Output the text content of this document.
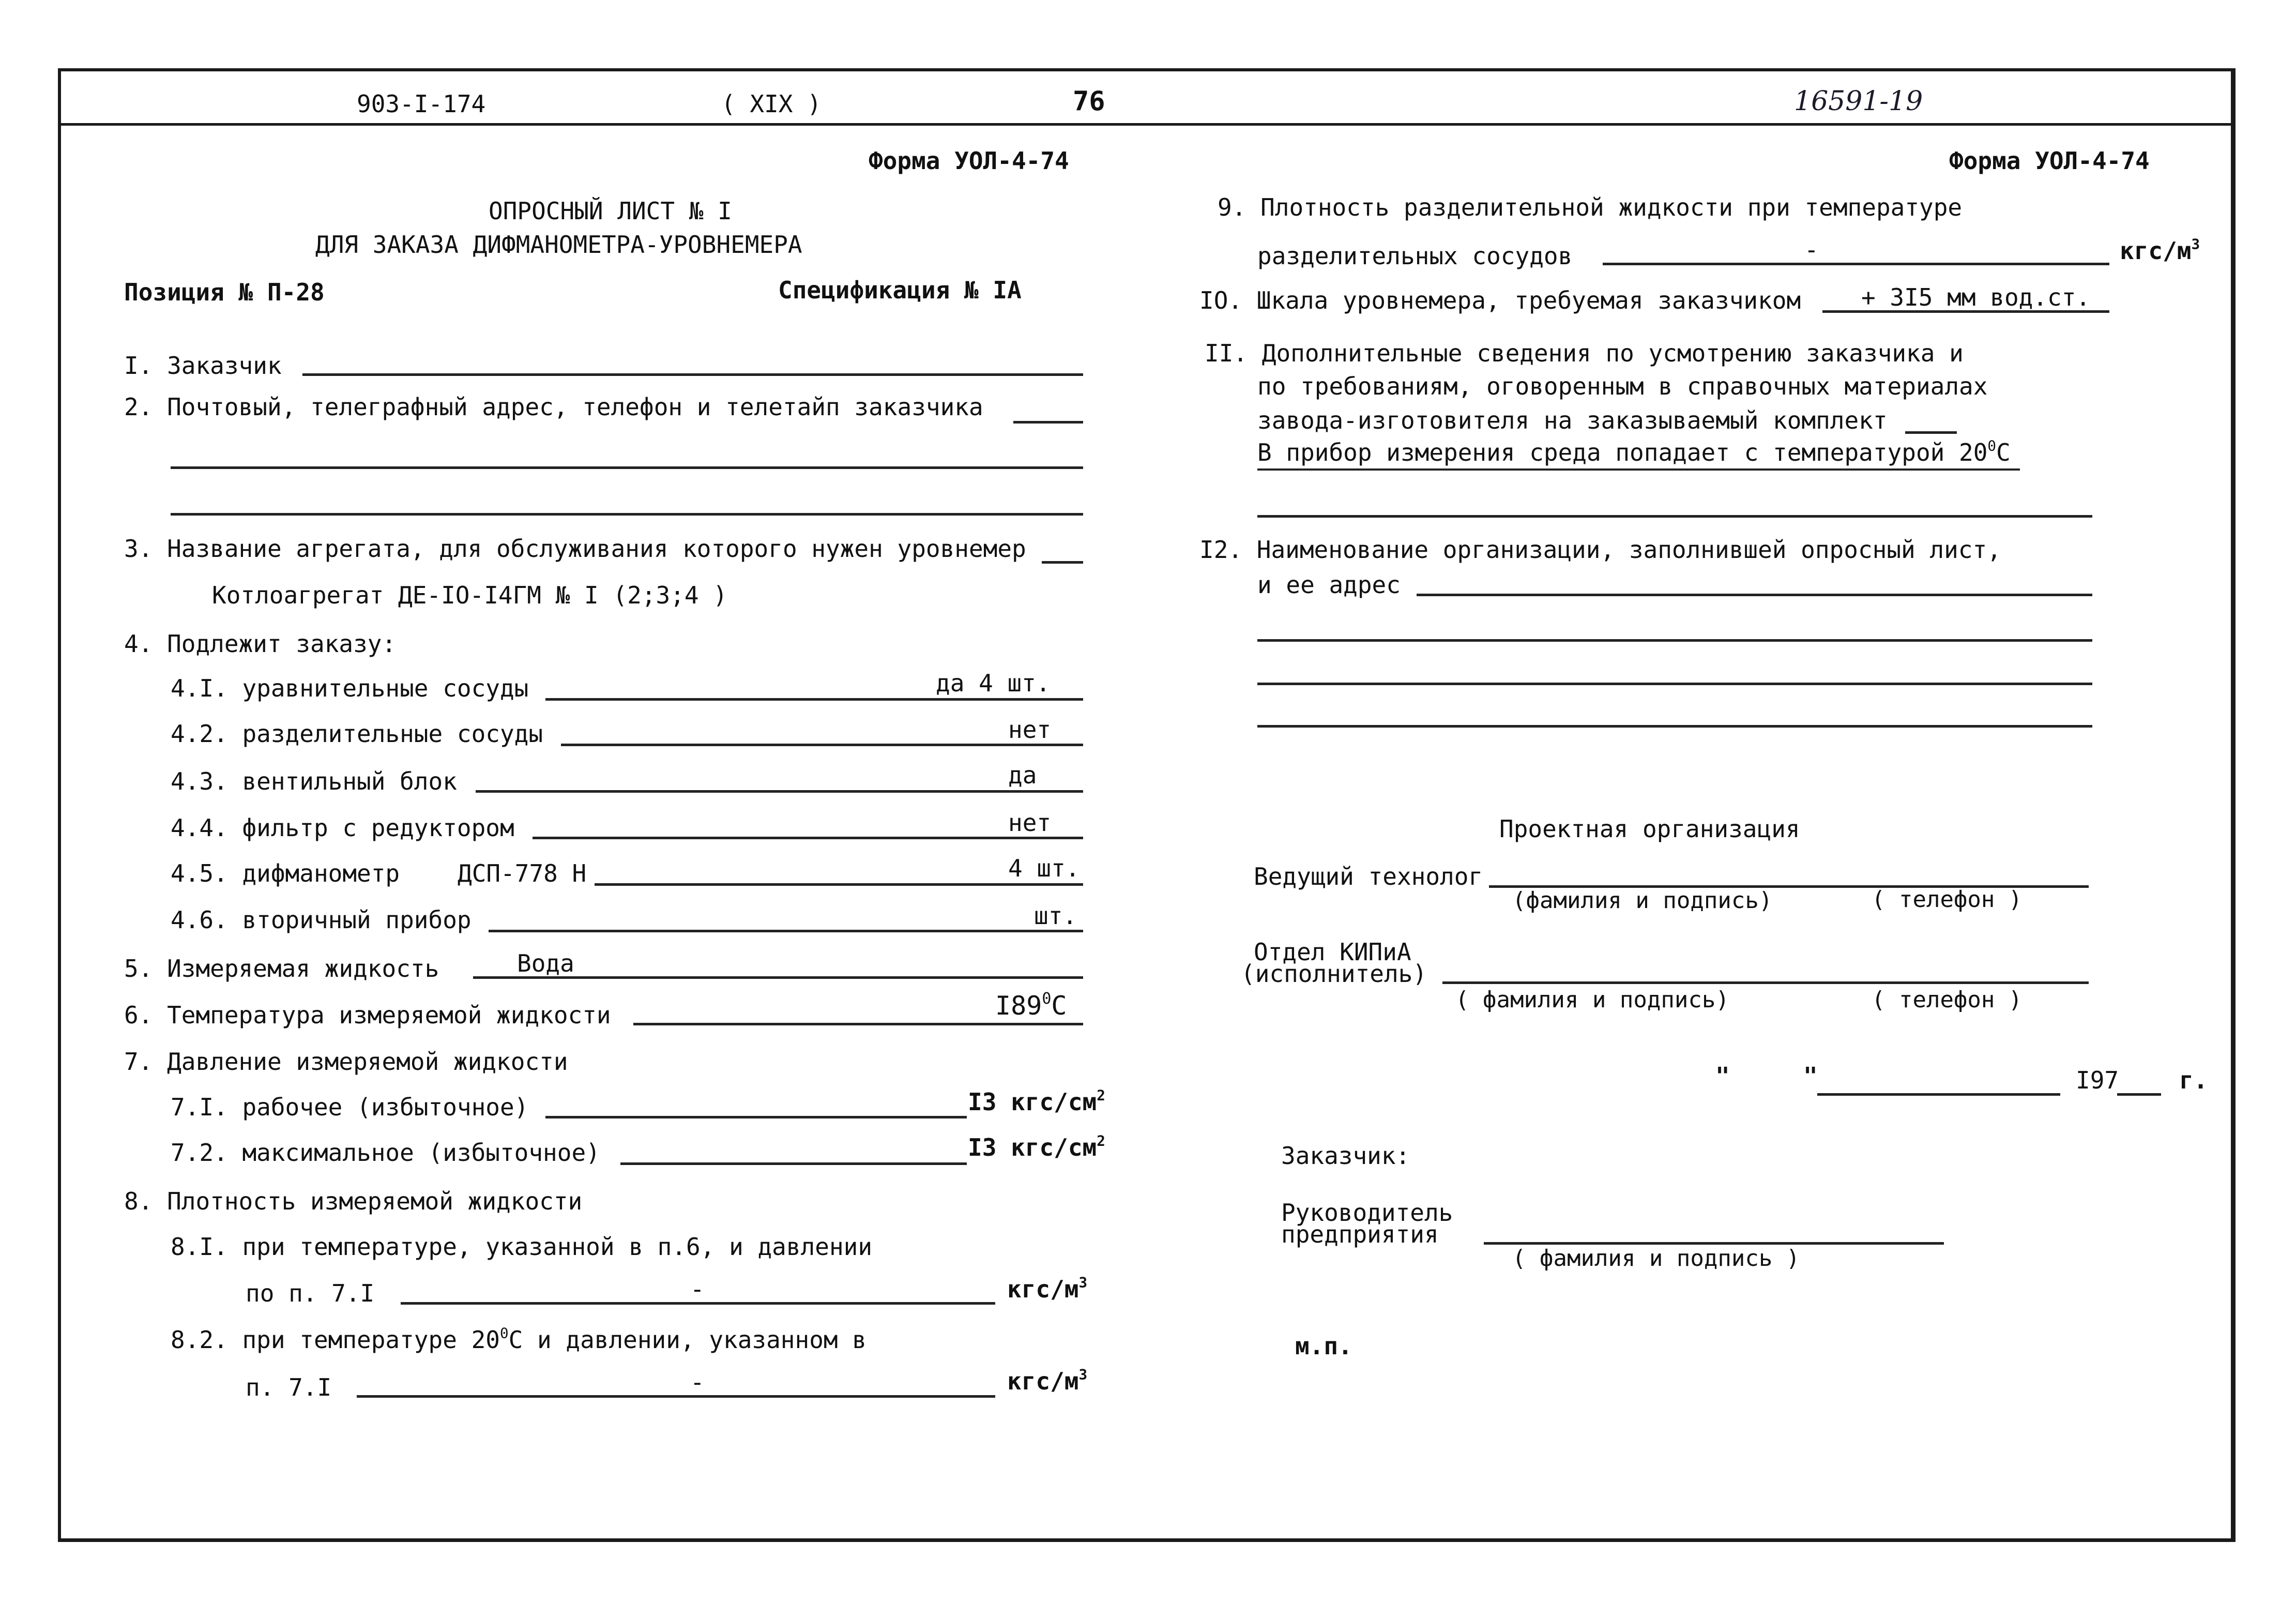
903-I-174	( XIX )	76	16591-19
Форма УОЛ-4-74
ОПРОСНЫЙ ЛИСТ № I
ДЛЯ ЗАКАЗА ДИФМАНОМЕТРА-УРОВНЕМЕРА
Позиция № П-28	Спецификация № IA
I. Заказчик
2. Почтовый, телеграфный адрес, телефон и телетайп заказчика
3. Название агрегата, для обслуживания которого нужен уровнемер
Котлоагрегат ДЕ-IO-I4ГМ № I (2;3;4 )
4. Подлежит заказу:
4.I. уравнительные сосуды	да 4 шт.
4.2. разделительные сосуды	нет
4.3. вентильный блок	да
4.4. фильтр с редуктором	нет
4.5. дифманометр ДСП-778 Н	4 шт.
4.6. вторичный прибор	шт.
5. Измеряемая жидкость	Вода
6. Температура измеряемой жидкости	$I89^0C$
7. Давление измеряемой жидкости
7.I. рабочее (избыточное)	I3 кгс/$см^2$
7.2. максимальное (избыточное)	I3 кгс/$см^2$
8. Плотность измеряемой жидкости
8.I. при температуре, указанной в п.6, и давлении
по п. 7.I	-	кгс/$м^3$
8.2. при температуре $20^0С$ и давлении, указанном в
п. 7.I	-	кгс/$м^3$
Форма УОЛ-4-74
9. Плотность разделительной жидкости при температуре
разделительных сосудов	-	кгс/$м^3$
IO. Шкала уровнемера, требуемая заказчиком	+ 3I5 мм вод.ст.
II. Дополнительные сведения по усмотрению заказчика и
по требованиям, оговоренным в справочных материалах
завода-изготовителя на заказываемый комплект
В прибор измерения среда попадает с температурой $20^0С$
I2. Наименование организации, заполнившей опросный лист,
и ее адрес
Проектная организация
Ведущий технолог
(фамилия и подпись)	( телефон )
Отдел КИПиА
(исполнитель)
( фамилия и подпись)	( телефон )
"	"	I97	г.
Заказчик:
Руководитель
предприятия
( фамилия и подпись )
м.п.
